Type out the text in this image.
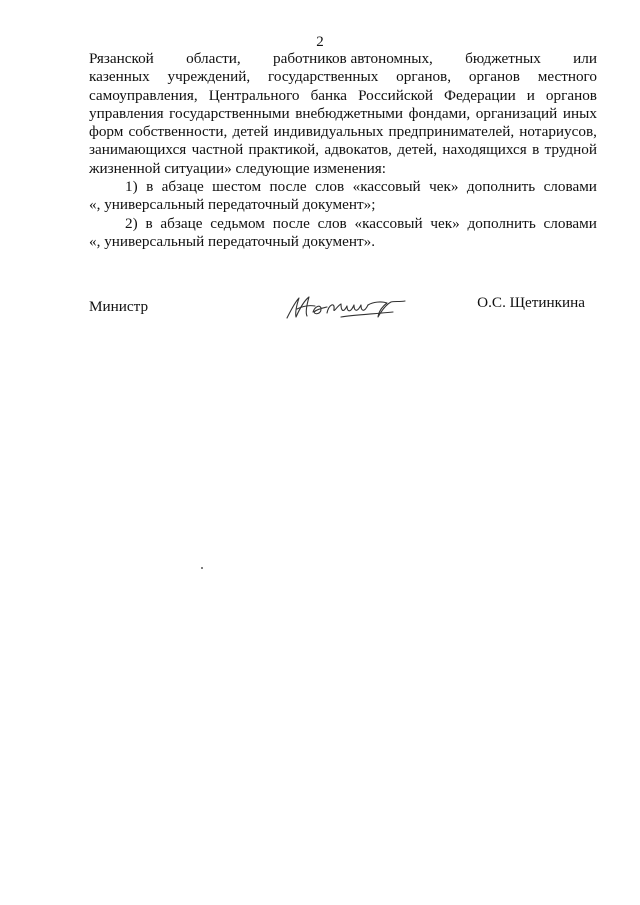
2
Рязанской области, работников автономных, бюджетных или
казенных учреждений, государственных органов, органов местного
самоуправления, Центрального банка Российской Федерации и органов
управления государственными внебюджетными фондами, организаций иных
форм собственности, детей индивидуальных предпринимателей, нотариусов,
занимающихся частной практикой, адвокатов, детей, находящихся в трудной
жизненной ситуации» следующие изменения:
1) в абзаце шестом после слов «кассовый чек» дополнить словами
«, универсальный передаточный документ»;
2) в абзаце седьмом после слов «кассовый чек» дополнить словами
«, универсальный передаточный документ».
Министр	О.С. Щетинкина
